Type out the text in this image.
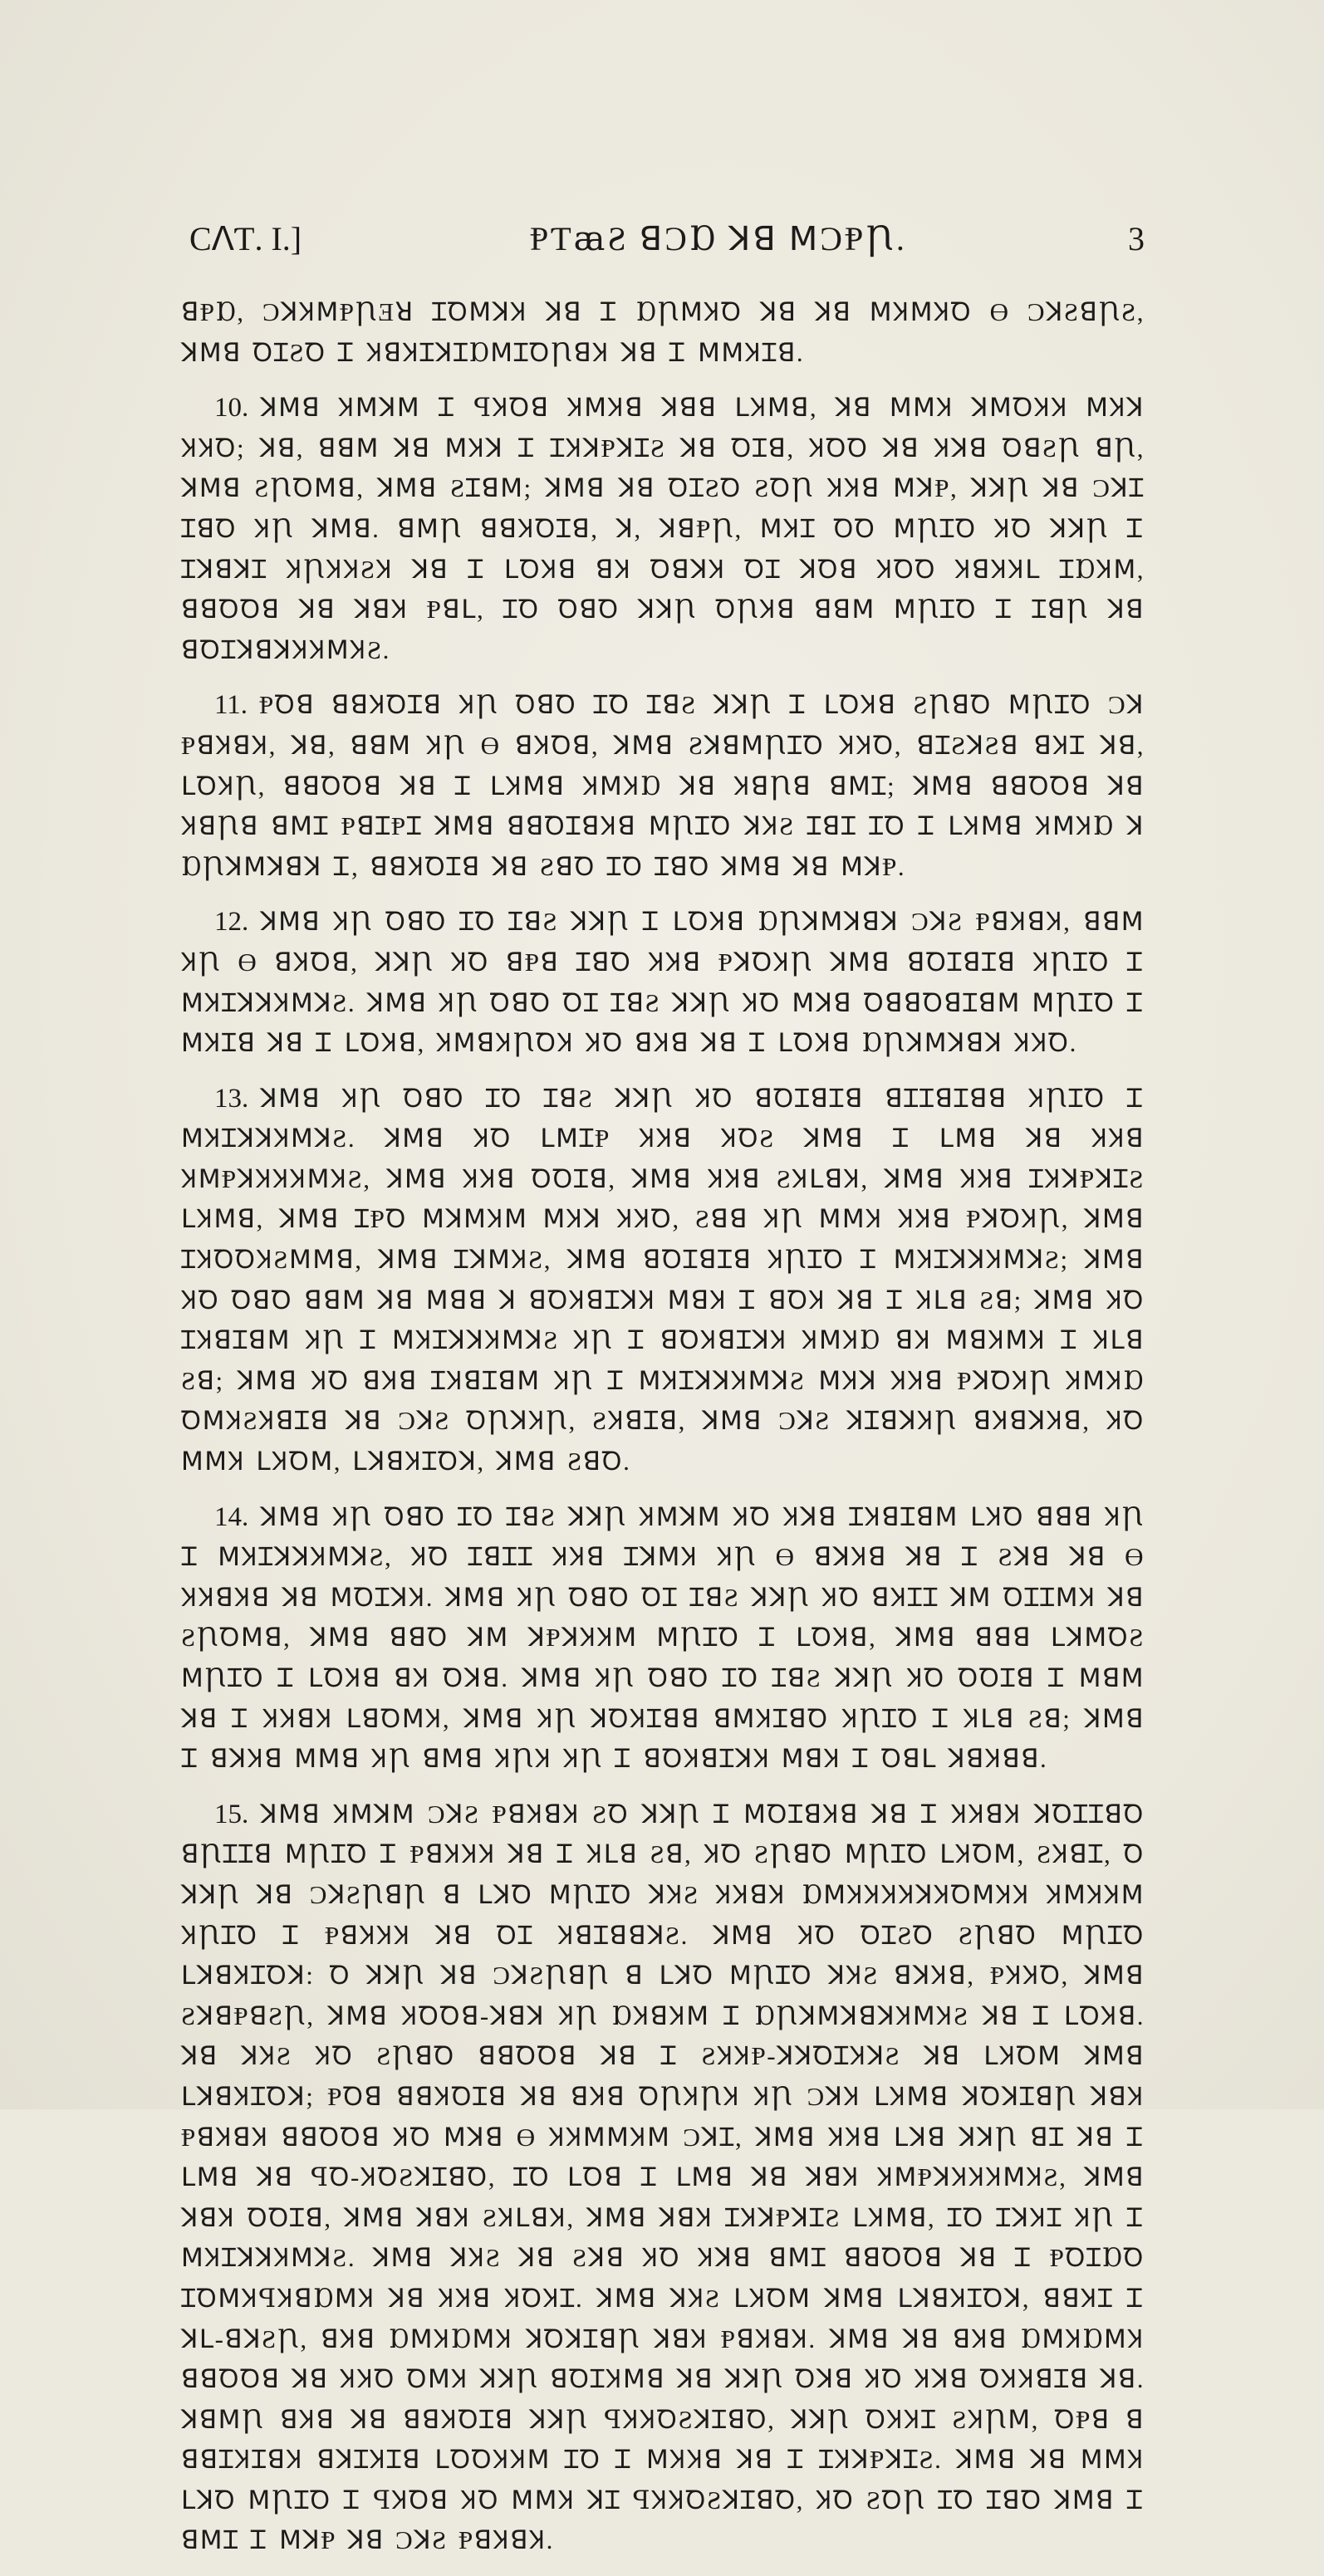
CꓥƬ. I.]	ⱣƬꜳƧ ꓭƆⱰ ꓘꓭ ꓟƆⱣꞂ.	3

ꓭⱣⱰ, ƆꓘꞰꓟⱣꞂƎꓤ ꞮꝹꓟꓘꞰ ꓘꓭ Ꮖ ⱰꞂꓟꞰꝹ ꓘꓭ ꓘꓭ ꓟꞰꓟꞰꝹ Ɵ ƆꓘƧꓭꞂƧ, ꓘꓟꓭ ꝹꞮƧꝹ Ꮖ ꞰꓭꞰꞮꓘꞮⱰꓟꞮꝹꞂꓭꞰ ꓘꓭ Ꮖ ꓟꓟꞰꞮꓭ.

10. ꓘꓟꓭ Ʞꓟꓘꓟ Ꮖ ꟼꞰꝹꓭ ꞰꓟꞰꓭ ꓘꓭꓭ ꓡꞰꓟꓭ, ꓘꓭ ꓟꓟꞰ ꓘꓟꝹꞰꞰ ꓟꞰꓘ ꞰꞰꝹ; ꓘꓭ, ꓭꓭꓟ ꓘꓭ ꓟꞰꓘ Ꮖ ꞮꞰꓘⱣꓘꞮƧ ꓘꓭ ꝹꞮꓭ, ꞰꝹꝹ ꓘꓭ Ʞꓘꓭ ꝹꓭƧꞂ ꓭꞂ, ꓘꓟꓭ ƧꞂꝹꓟꓭ, ꓘꓟꓭ ƧꞮꓭꓟ; ꓘꓟꓭ ꓘꓭ ꝹꞮƧꝹ ƧꝹꞂ ꞰꞰꓭ ꓟꓘⱣ, ꓘꓘꞂ ꓘꓭ ƆꓘꞮ ꞮꓭꝹ ꞰꞂ ꓘꓟꓭ. ꓭꓟꞂ ꓭꓭꞰꝹꞮꓭ, ꓘ, ꓘꓭⱣꞂ, ꓟꞰꞮ ꝹꝹ ꓟꞂꞮꝹ ꞰꝹ ꓘꓘꞂ Ꮖ ꞮꓘꓭꓘꞮ ꞰꞂꞰꞰƧꞰ ꓘꓭ Ꮖ ꓡꝹꞰꓭ ꓭꞰ ꝹꓭꓘꞰ ꝹꞮ ꓘꝹꓭ ꞰꝹꝹ ꞰꓭꞰꞰꓡ ꞮⱰꞰꓟ, ꓭꓭꝹꝹꓭ ꓘꓭ ꓘꓭꞰ Ᵽꓭꓡ, ꞮꝹ ꝹꓭꝹ ꓘꓘꞂ ꝹꞂꞰꓭ ꓭꓭꓟ ꓟꞂꞮꝹ Ꮖ ꞮꓭꞂ ꓘꓭ ꓭꝹꞮꓘꓭꓘꞰꞰꓟꞰƧ.

11. ⱣꝹꓭ ꓭꓭꞰꝹꞮꓭ ꞰꞂ ꝹꓭꝹ ꞮꝹ ꞮꓭƧ ꓘꓘꞂ Ꮖ ꓡꝹꞰꓭ ƧꞂꓭꝹ ꓟꞂꞮꝹ Ɔꓘ ⱣꓭꞰꓭꞰ, ꓘꓭ, ꓭꓭꓟ ꞰꞂ Ɵ ꓭꞰꝹꓭ, ꓘꓟꓭ ƧꓘꓭꓟꞂꞮꝹ ꞰꞰꝹ, ꓭꞮƧꓘƧꓭ ꓭꞰꞮ ꓘꓭ, ꓡꝹꞰꞂ, ꓭꓭꝹꝹꓭ ꓘꓭ Ꮖ ꓡꞰꓟꓭ ꞰꓟꞰⱰ ꓘꓭ ꞰꓭꞂꓭ ꓭꓟꞮ; ꓘꓟꓭ ꓭꓭꝹꝹꓭ ꓘꓭ ꞰꓭꞂꓭ ꓭꓟꞮ ⱣꓭꞮⱣꞮ ꓘꓟꓭ ꓭꓭꝹꞮꓭꞰꓭ ꓟꞂꞮꝹ ꓘꞰƧ ꞮꓭꞮ ꞮꝹ Ꮖ ꓡꞰꓟꓭ ꞰꓟꞰⱰ ꓘ ⱰꞂꓘꓟꓘꓭꓘ Ꮖ, ꓭꓭꞰꝹꞮꓭ ꓘꓭ ƧꓭꝹ ꞮꝹ ꞮꓭꝹ ꓘꓟꓭ ꓘꓭ ꓟꓘⱣ.

12. ꓘꓟꓭ ꞰꞂ ꝹꓭꝹ ꞮꝹ ꞮꓭƧ ꓘꓘꞂ Ꮖ ꓡꝹꞰꓭ ⱰꞂꓘꓟꓘꓭꓘ ƆꓘƧ ⱣꓭꞰꓭꞰ, ꓭꓭꓟ ꞰꞂ Ɵ ꓭꞰꝹꓭ, ꓘꓘꞂ ꞰꝹ ꓭⱣꓭ ꞮꓭꝹ ꞰꞰꓭ ⱣꓘꝹꞰꞂ ꓘꓟꓭ ꓭꝹꞮꓭꞮꓭ ꞰꞂꞮꝹ Ꮖ ꓟꞰꞮꓘꓘꞰꓟꓘƧ. ꓘꓟꓭ ꞰꞂ ꝹꓭꝹ ꝹꞮ ꞮꓭƧ ꓘꓘꞂ ꞰꝹ ꓟꓘꓭ ꝹꓭꓭꝹꓭꞮꓭꓟ ꓟꞂꞮꝹ Ꮖ ꓟꞰꞮꓭ ꓘꓭ Ꮖ ꓡꝹꞰꓭ, ꞰꓟꓭꞰꞂꝹꞰ ꞰꝹ ꓭꞰꓭ ꓘꓭ Ꮖ ꓡꝹꞰꓭ ⱰꞂꓘꓟꓘꓭꓘ ꞰꞰꝹ.

13. ꓘꓟꓭ ꞰꞂ ꝹꓭꝹ ꞮꝹ ꞮꓭƧ ꓘꓘꞂ ꞰꝹ ꓭꝹꞮꓭꞮꓭ ꓭꞮꞮꓭꞮꓭꓭ ꞰꞂꞮꝹ Ꮖ ꓟꞰꞮꓘꓘꞰꓟꓘƧ. ꓘꓟꓭ ꞰꝹ ꓡꓟꞮⱣ ꞰꞰꓭ ꞰꝹƧ ꓘꓟꓭ Ꮖ ꓡꓟꓭ ꓘꓭ ꞰꞰꓭ ꞰꓟⱣꓘꞰꞰꞰꓟꞰƧ, ꓘꓟꓭ ꞰꞰꓭ ꝹꝹꞮꓭ, ꓘꓟꓭ ꞰꞰꓭ ƧꞰꓡꓭꞰ, ꓘꓟꓭ ꞰꞰꓭ ꞮꞰꓘⱣꓘꞮƧ ꓡꞰꓟꓭ, ꓘꓟꓭ ꞮⱣꝹ ꓟꓘꓟꞰꓟ ꓟꞰꓘ ꞰꞰꝹ, Ƨꓭꓭ ꞰꞂ ꓟꓟꞰ ꞰꞰꓭ ⱣꓘꝹꞰꞂ, ꓘꓟꓭ ꞮꞰꝹꝹꞰƧꓟꓟꓭ, ꓘꓟꓭ ꞮꓘꓟꞰƧ, ꓘꓟꓭ ꓭꝹꞮꓭꞮꓭ ꞰꞂꞮꝹ Ꮖ ꓟꞰꞮꓘꓘꞰꓟꓘƧ; ꓘꓟꓭ ꞰꝹ ꝹꓭꝹ ꓭꓭꓟ ꓘꓭ ꓟꓭꓭ ꓘ ꓭꝹꞰꓭꞮꓘꞰ ꓟꓭꞰ Ꮖ ꓭꝹꞰ ꓘꓭ Ꮖ Ʞꓡꓭ Ƨꓭ; ꓘꓟꓭ ꞰꝹ ꞮꞰꓭꞮꓭꓟ ꞰꞂ Ꮖ ꓟꞰꞮꓘꓘꞰꓟꓘƧ ꞰꞂ Ꮖ ꓭꝹꞰꓭꞮꓘꞰ ꞰꓟꞰⱰ ꓭꞰ ꓟꓭꞰꓟꞰ Ꮖ Ʞꓡꓭ Ƨꓭ; ꓘꓟꓭ ꞰꝹ ꓭꞰꓭ ꞮꞰꓭꞮꓭꓟ ꞰꞂ Ꮖ ꓟꞰꞮꓘꓘꞰꓟꓘƧ ꓟꞰꓘ ꞰꞰꓭ ⱣꓘꝹꞰꞂ ꞰꓟꞰⱰ ꝹꓟꞰƧꞰꓭꞮꓭ ꓘꓭ ƆꓘƧ ꝹꞂꓘꞰꞂ, ƧꞰꓭꞮꓭ, ꓘꓟꓭ ƆꓘƧ ꓘꞮꓭꓘꞰꞂ ꓭꞰꓭꓘꞰꓭ, ꞰꝹ ꓟꓟꞰ ꓡꞰꝹꓟ, ꓡꓘꓭꞰꞮꝹꓘ, ꓘꓟꓭ ƧꓭꝹ.

14. ꓘꓟꓭ ꞰꞂ ꝹꓭꝹ ꞮꝹ ꞮꓭƧ ꓘꓘꞂ Ʞꓟꓘꓟ ꞰꝹ Ʞꓘꓭ ꞮꞰꓭꞮꓭꓟ ꓡꞰꝹ ꓭꓭꓭ ꞰꞂ Ꮖ ꓟꞰꞮꓘꓘꞰꓟꓘƧ, ꞰꝹ ꞮꓭꞮꞮ ꞰꞰꓭ ꞮꓘꓟꞰ ꞰꞂ Ɵ ꓭꓘꞰꓭ ꓘꓭ Ꮖ Ƨꓘꓭ ꓘꓭ Ɵ ꞰꞰꓭꞰꓭ ꓘꓭ ꓟꝹꞮꓘꞰ. ꓘꓟꓭ ꞰꞂ ꝹꓭꝹ ꝹꞮ ꞮꓭƧ ꓘꓘꞂ ꞰꝹ ꓭꞰꞮꞮ ꓘꓟ ꝹꞮꞮꓟꞰ ꓘꓭ ƧꞂꝹꓟꓭ, ꓘꓟꓭ ꓭꓭꝹ ꓘꓟ ꓘⱣꓘꞰꞰꓟ ꓟꞂꞮꝹ Ꮖ ꓡꝹꞰꓭ, ꓘꓟꓭ ꓭꓭꓭ ꓡꓘꓟꝹƧ ꓟꞂꞮꝹ Ꮖ ꓡꝹꞰꓭ ꓭꞰ Ꝺꓘꓭ. ꓘꓟꓭ ꞰꞂ ꝹꓭꝹ ꞮꝹ ꞮꓭƧ ꓘꓘꞂ ꞰꝹ ꝹꝹꞮꓭ Ꮖ ꓟꓭꓟ ꓘꓭ Ꮖ ꞰꞰꓭꞰ ꓡꓭꝹꓟꞰ, ꓘꓟꓭ ꞰꞂ ꓘꝹꞰꞮꓭꓭ ꓭꓟꞰꞮꓭꝹ ꞰꞂꞮꝹ Ꮖ Ʞꓡꓭ Ƨꓭ; ꓘꓟꓭ Ꮖ ꓭꓘꞰꓭ ꓟꓟꓭ ꞰꞂ ꓭꓟꓭ ꞰꞂꞰ ꞰꞂ Ꮖ ꓭꝹꞰꓭꞮꓘꞰ ꓟꓭꞰ Ꮖ Ꝺꓭꓡ ꓘꓭꞰꓭꓭ.

15. ꓘꓟꓭ Ʞꓟꓘꓟ ƆꓘƧ ⱣꓭꞰꓭꞰ ƧꝹ ꓘꓘꞂ Ꮖ ꓟꝹꞮꓭꞰꓭ ꓘꓭ Ꮖ ꞰꞰꓭꞰ ꓘꝹꞮꞮꓭꝹ ꓭꞂꞮꞮꓭ ꓟꞂꞮꝹ Ꮖ ⱣꓭꞰꞰꞰ ꓘꓭ Ꮖ Ʞꓡꓭ Ƨꓭ, ꞰꝹ ƧꞂꓭꝹ ꓟꞂꞮꝹ ꓡꞰꝹꓟ, ƧꞰꓭꞮ, Ꝺ ꓘꓘꞂ ꓘꓭ ƆꓘƧꞂꓭꞂ ꓭ ꓡꓘꝹ ꓟꞂꞮꝹ ꓘꞰƧ ꞰꞰꓭꞰ ⱰꓟꞰꞰꞰꞰꓘꞰꝹꓟꞰꞰ ꞰꓟꞰꞰꓟ ꞰꞂꞮꝹ Ꮖ ⱣꓭꞰꞰꞰ ꓘꓭ ꝹꞮ ꞰꓭꞮꓭꓭꓘƧ. ꓘꓟꓭ ꞰꝹ ꝹꞮƧꝹ ƧꞂꓭꝹ ꓟꞂꞮꝹ ꓡꓘꓭꞰꞮꝹꓘ: Ꝺ ꓘꓘꞂ ꓘꓭ ƆꓘƧꞂꓭꞂ ꓭ ꓡꓘꝹ ꓟꞂꞮꝹ ꓘꞰƧ ꓭꓘꞰꓭ, ⱣꞰꞰꝹ, ꓘꓟꓭ ƧꓘꓭⱣꓭƧꞂ, ꓘꓟꓭ ꞰꝹꝹꓭ-ꓘꓭꓘ ꞰꞂ ⱰꞰꓭꞰꓟ Ꮖ ⱰꞂꓘꓟꓘꓭꓘꞰꓟꞰƧ ꓘꓭ Ꮖ ꓡꝹꞰꓭ. ꓘꓭ ꓘꞰƧ ꞰꝹ ƧꞂꓭꝹ ꓭꓭꝹꝹꓭ ꓘꓭ Ꮖ ƧꞰꞰⱣ-ꓘꓘꝹꞮꞰꓘƧ ꓘꓭ ꓡꞰꝹꓟ ꓘꓟꓭ ꓡꓘꓭꞰꞮꝹꓘ; ⱣꝹꓭ ꓭꓭꞰꝹꞮꓭ ꓘꓭ ꓭꞰꓭ ꝹꞂꞰꞂꞰ ꞰꞂ ƆꓘꞰ ꓡꞰꓟꓭ ꓘꝹꓘꞮꓭꞂ ꓘꓭꞰ ⱣꓭꞰꓭꞰ ꓭꓭꝹꝹꓭ ꞰꝹ ꓟꓘꓭ Ɵ ꞰꞰꓟꓟꞰꓟ ƆꓘꞮ, ꓘꓟꓭ ꞰꞰꓭ ꓡꓘꓭ ꓘꓘꞂ ꓭꞮ ꓘꓭ Ꮖ ꓡꓟꓭ ꓘꓭ ꟼꝹ-ꞰꝹƧꓘꞮꓭꝹ, ꞮꝹ ꓡꝹꓭ Ꮖ ꓡꓟꓭ ꓘꓭ ꓘꓭꞰ ꞰꓟⱣꓘꞰꞰꞰꓟꞰƧ, ꓘꓟꓭ ꓘꓭꞰ ꝹꝹꞮꓭ, ꓘꓟꓭ ꓘꓭꞰ ƧꞰꓡꓭꞰ, ꓘꓟꓭ ꓘꓭꞰ ꞮꞰꓘⱣꓘꞮƧ ꓡꞰꓟꓭ, ꞮꝹ ꞮꓘꞰꞮ ꞰꞂ Ꮖ ꓟꞰꞮꓘꓘꞰꓟꓘƧ. ꓘꓟꓭ ꓘꞰƧ ꓘꓭ Ƨꓘꓭ ꞰꝹ Ʞꓘꓭ ꓭꓟꞮ ꓭꓭꝹꝹꓭ ꓘꓭ Ꮖ ⱣꝹꞮⱰꝹ ꞮꝹꓟꞰꟼꞰꓭⱰꓟꞰ ꓘꓭ ꞰꞰꓭ ꞰꝹꞰꞮ. ꓘꓟꓭ ꓘꞰƧ ꓡꞰꝹꓟ ꓘꓟꓭ ꓡꓘꓭꞰꞮꝹꓘ, ꓭꓭꞰꞮ Ꮖ ꓘꓡ-ꓭꓘƧꞂ, ꓭꞰꓭ ⱰꓟꞰⱰꓟꞰ ꓘꝹꓘꞮꓭꞂ ꓘꓭꞰ ⱣꓭꞰꓭꞰ. ꓘꓟꓭ ꓘꓭ ꓭꞰꓭ ⱰꓟꞰⱰꓟꞰ ꓭꓭꝹꝹꓭ ꓘꓭ ꞰꞰꝹ ꝹꓟꞰ ꓘꓘꞂ ꓭꝹꞮꞰꓟꓭ ꓘꓭ ꓘꓘꞂ Ꝺꓘꓭ ꞰꝹ Ʞꓘꓭ ꝹꞰꞰꓭꞮꓭ ꓘꓭ. ꓘꓭꓟꞂ ꓭꞰꓭ ꓘꓭ ꓭꓭꞰꝹꞮꓭ ꓘꓘꞂ ꟼꞰꞰꝹƧꓘꞮꓭꝹ, ꓘꓘꞂ ꝹꞰꞰꞮ ƧꞰꞂꓟ, ꝹⱣꓭ ꓭ ꓭꓭꞮꞰꞮꓭꞰ ꓭꓘꞮꞰꞮꓭ ꓡꝹꝹꞰꞰꓟ ꞮꝹ Ꮖ ꓟꞰꞰꓭ ꓘꓭ Ꮖ ꞮꞰꓘⱣꓘꞮƧ. ꓘꓟꓭ ꓘꓭ ꓟꓟꞰ ꓡꓘꝹ ꓟꞂꞮꝹ Ꮖ ꟼꞰꝹꓭ ꞰꝹ ꓟꓟꞰ ꓘꞮ ꟼꞰꞰꝹƧꓘꞮꓭꝹ, ꞰꝹ ƧꝹꞂ ꞮꝹ ꞮꓭꝹ ꓘꓟꓭ Ꮖ ꓭꓟꞮ Ꮖ ꓟꓘⱣ ꓘꓭ ƆꓘƧ ⱣꓭꞰꓭꞰ.
